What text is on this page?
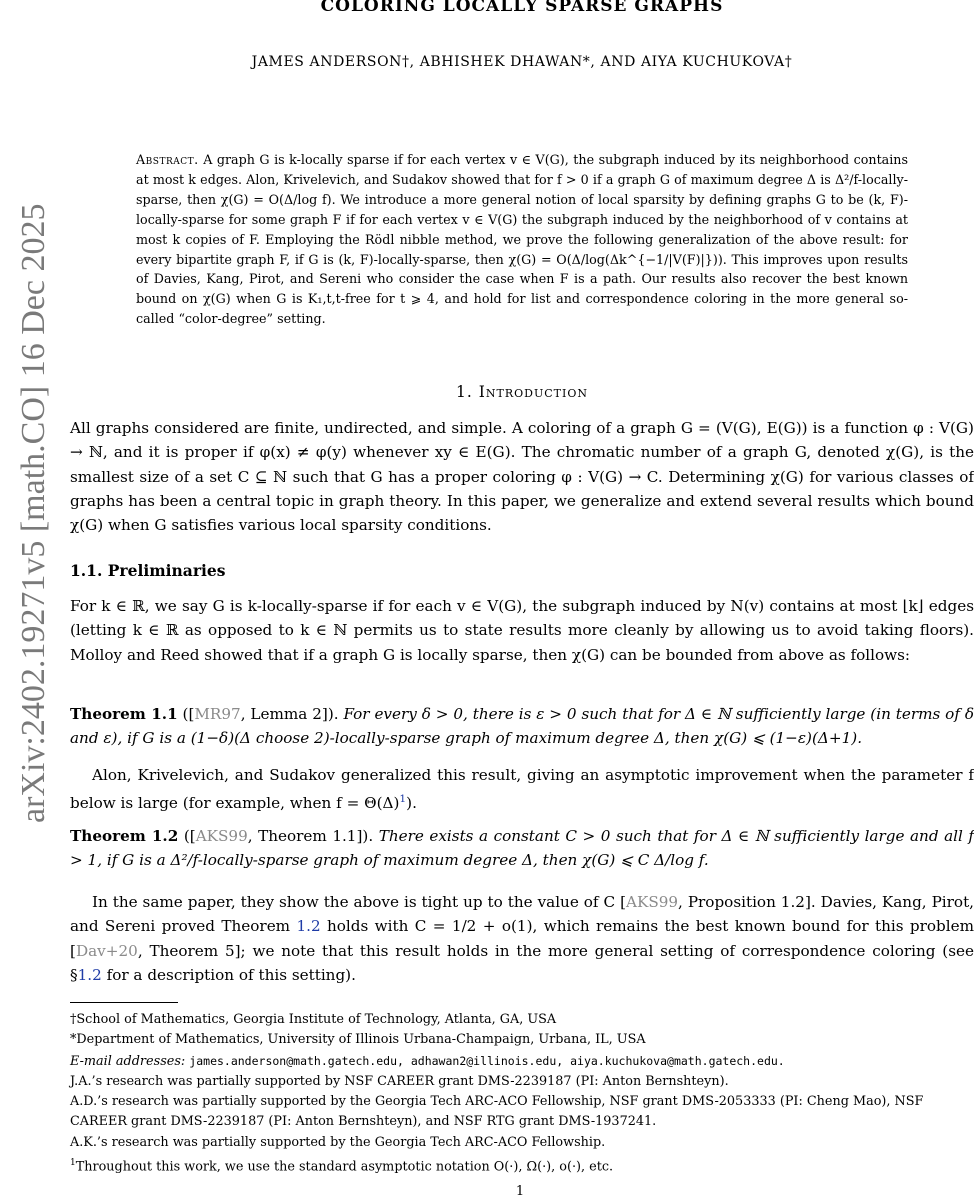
arXiv:2402.19271v5 [math.CO] 16 Dec 2025
COLORING LOCALLY SPARSE GRAPHS

JAMES ANDERSON†, ABHISHEK DHAWAN*, AND AIYA KUCHUKOVA†

Abstract. A graph G is k-locally sparse if for each vertex v ∈ V(G), the subgraph induced by its neighborhood contains at most k edges. Alon, Krivelevich, and Sudakov showed that for f > 0 if a graph G of maximum degree Δ is Δ²/f-locally-sparse, then χ(G) = O(Δ/log f). We introduce a more general notion of local sparsity by defining graphs G to be (k, F)-locally-sparse for some graph F if for each vertex v ∈ V(G) the subgraph induced by the neighborhood of v contains at most k copies of F. Employing the Rödl nibble method, we prove the following generalization of the above result: for every bipartite graph F, if G is (k, F)-locally-sparse, then χ(G) = O(Δ/log(Δk^{−1/|V(F)|})). This improves upon results of Davies, Kang, Pirot, and Sereni who consider the case when F is a path. Our results also recover the best known bound on χ(G) when G is K₁,t,t-free for t ⩾ 4, and hold for list and correspondence coloring in the more general so-called “color-degree” setting.

1. Introduction

All graphs considered are finite, undirected, and simple. A coloring of a graph G = (V(G), E(G)) is a function φ : V(G) → ℕ, and it is proper if φ(x) ≠ φ(y) whenever xy ∈ E(G). The chromatic number of a graph G, denoted χ(G), is the smallest size of a set C ⊆ ℕ such that G has a proper coloring φ : V(G) → C. Determining χ(G) for various classes of graphs has been a central topic in graph theory. In this paper, we generalize and extend several results which bound χ(G) when G satisfies various local sparsity conditions.

1.1. Preliminaries

For k ∈ ℝ, we say G is k-locally-sparse if for each v ∈ V(G), the subgraph induced by N(v) contains at most ⌊k⌋ edges (letting k ∈ ℝ as opposed to k ∈ ℕ permits us to state results more cleanly by allowing us to avoid taking floors). Molloy and Reed showed that if a graph G is locally sparse, then χ(G) can be bounded from above as follows:

Theorem 1.1 ([MR97, Lemma 2]). For every δ > 0, there is ε > 0 such that for Δ ∈ ℕ sufficiently large (in terms of δ and ε), if G is a (1−δ)(Δ choose 2)-locally-sparse graph of maximum degree Δ, then χ(G) ⩽ (1−ε)(Δ+1).

Alon, Krivelevich, and Sudakov generalized this result, giving an asymptotic improvement when the parameter f below is large (for example, when f = Θ(Δ)$^1$).

Theorem 1.2 ([AKS99, Theorem 1.1]). There exists a constant C > 0 such that for Δ ∈ ℕ sufficiently large and all f > 1, if G is a Δ²/f-locally-sparse graph of maximum degree Δ, then χ(G) ⩽ C Δ/log f.

In the same paper, they show the above is tight up to the value of C [AKS99, Proposition 1.2]. Davies, Kang, Pirot, and Sereni proved Theorem 1.2 holds with C = 1/2 + o(1), which remains the best known bound for this problem [Dav+20, Theorem 5]; we note that this result holds in the more general setting of correspondence coloring (see §1.2 for a description of this setting).

†School of Mathematics, Georgia Institute of Technology, Atlanta, GA, USA

*Department of Mathematics, University of Illinois Urbana-Champaign, Urbana, IL, USA

E-mail addresses: james.anderson@math.gatech.edu, adhawan2@illinois.edu, aiya.kuchukova@math.gatech.edu.

J.A.’s research was partially supported by NSF CAREER grant DMS-2239187 (PI: Anton Bernshteyn).

A.D.’s research was partially supported by the Georgia Tech ARC-ACO Fellowship, NSF grant DMS-2053333 (PI: Cheng Mao), NSF CAREER grant DMS-2239187 (PI: Anton Bernshteyn), and NSF RTG grant DMS-1937241.

A.K.’s research was partially supported by the Georgia Tech ARC-ACO Fellowship.

$^1$Throughout this work, we use the standard asymptotic notation O(·), Ω(·), o(·), etc.

1
